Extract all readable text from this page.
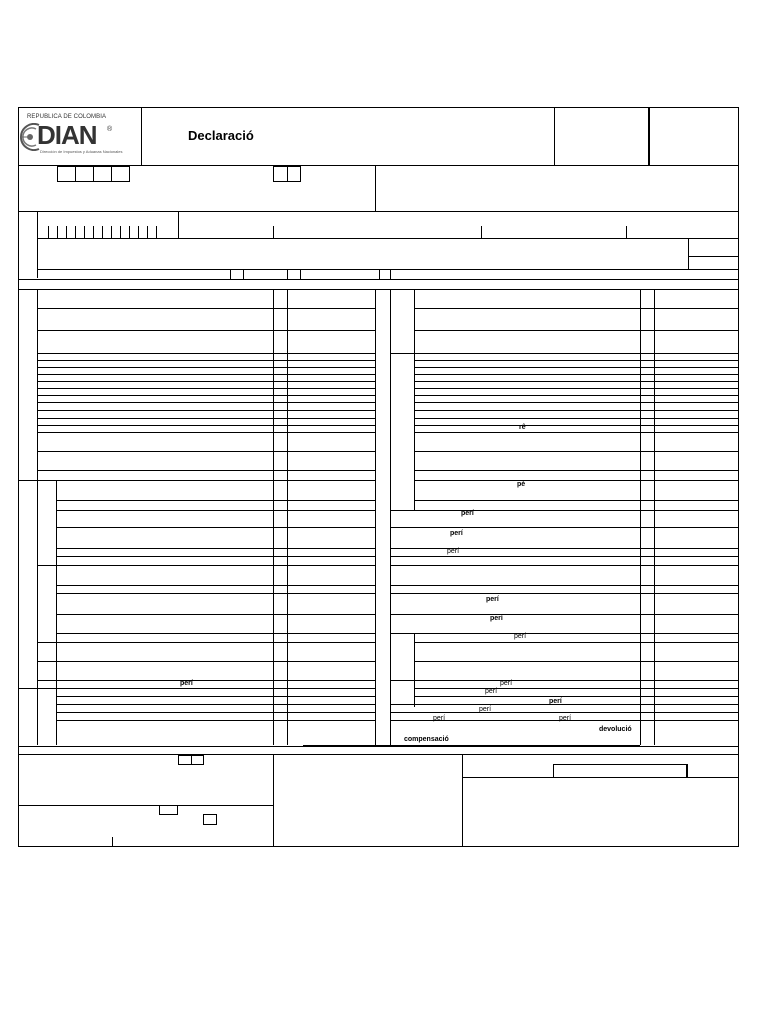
REPUBLICA DE COLOMBIA
DIAN ®
Dirección de Impuestos y Aduanas Nacionales
Declaració
rê
pé
perí
perí
perí
perí
perí
perí
perí	perí
perí
perí
perí
perí	perí
devolució
compensació
